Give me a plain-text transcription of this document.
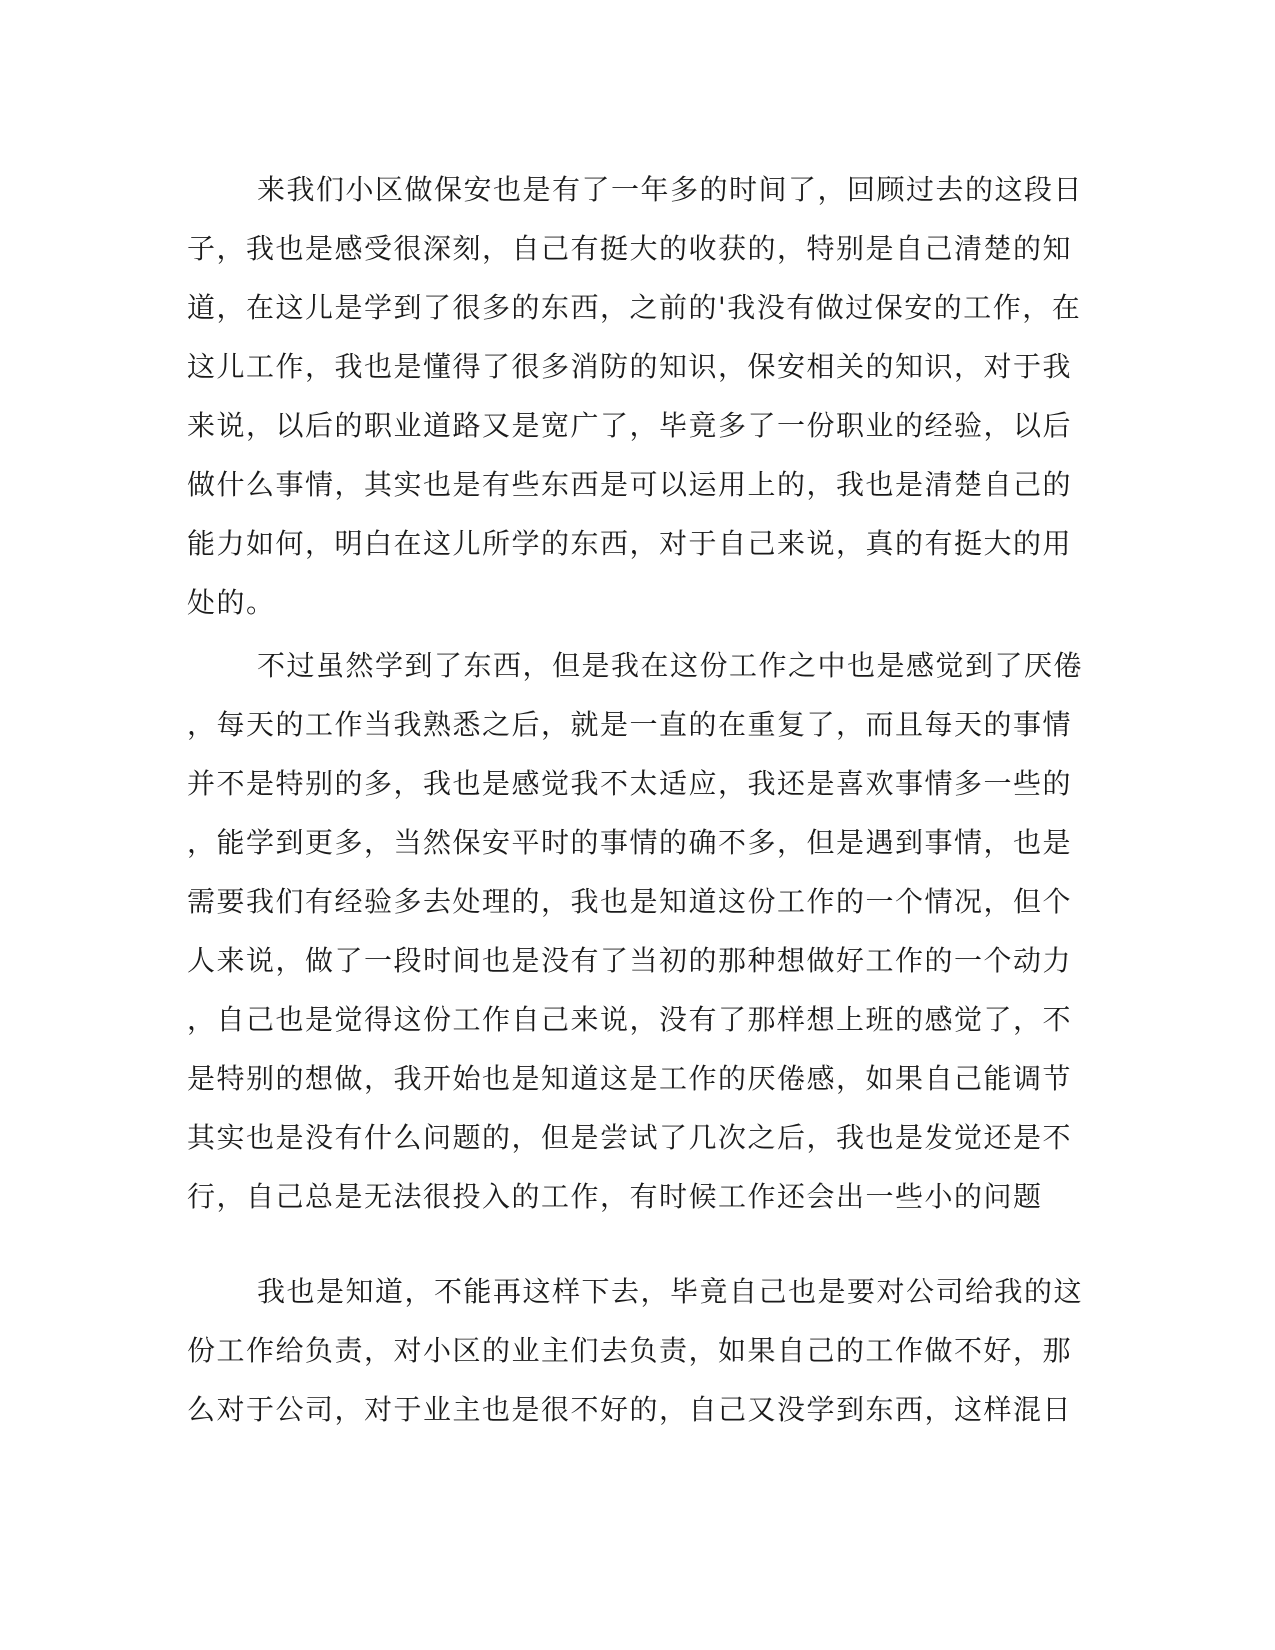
来我们小区做保安也是有了一年多的时间了，回顾过去的这段日
子，我也是感受很深刻，自己有挺大的收获的，特别是自己清楚的知
道，在这儿是学到了很多的东西，之前的'我没有做过保安的工作，在
这儿工作，我也是懂得了很多消防的知识，保安相关的知识，对于我
来说，以后的职业道路又是宽广了，毕竟多了一份职业的经验，以后
做什么事情，其实也是有些东西是可以运用上的，我也是清楚自己的
能力如何，明白在这儿所学的东西，对于自己来说，真的有挺大的用
处的。
不过虽然学到了东西，但是我在这份工作之中也是感觉到了厌倦
，每天的工作当我熟悉之后，就是一直的在重复了，而且每天的事情
并不是特别的多，我也是感觉我不太适应，我还是喜欢事情多一些的
，能学到更多，当然保安平时的事情的确不多，但是遇到事情，也是
需要我们有经验多去处理的，我也是知道这份工作的一个情况，但个
人来说，做了一段时间也是没有了当初的那种想做好工作的一个动力
，自己也是觉得这份工作自己来说，没有了那样想上班的感觉了，不
是特别的想做，我开始也是知道这是工作的厌倦感，如果自己能调节
其实也是没有什么问题的，但是尝试了几次之后，我也是发觉还是不
行，自己总是无法很投入的工作，有时候工作还会出一些小的问题
我也是知道，不能再这样下去，毕竟自己也是要对公司给我的这
份工作给负责，对小区的业主们去负责，如果自己的工作做不好，那
么对于公司，对于业主也是很不好的，自己又没学到东西，这样混日
